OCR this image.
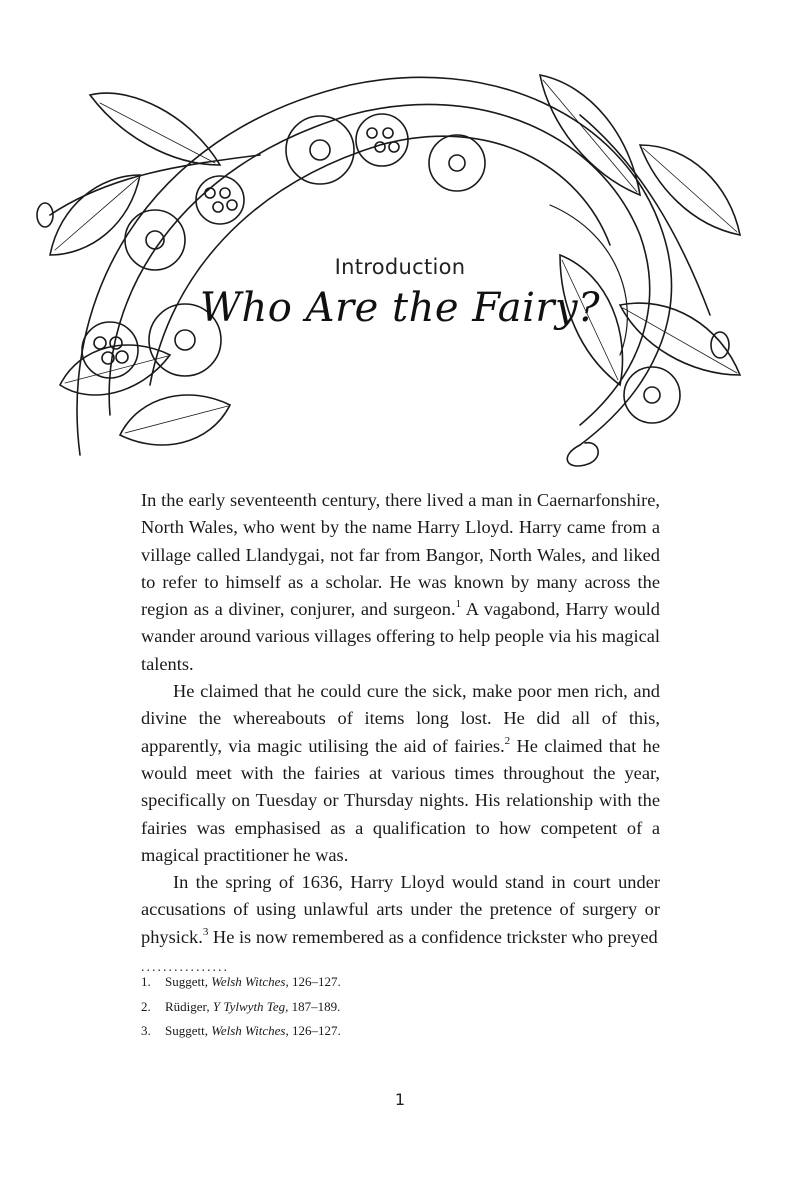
Introduction
Who Are the Fairy?

In the early seventeenth century, there lived a man in Caernarfonshire, North Wales, who went by the name Harry Lloyd. Harry came from a village called Llandygai, not far from Bangor, North Wales, and liked to refer to himself as a scholar. He was known by many across the region as a diviner, conjurer, and surgeon.$^1$ A vagabond, Harry would wander around various villages offering to help people via his magical talents.

He claimed that he could cure the sick, make poor men rich, and divine the whereabouts of items long lost. He did all of this, apparently, via magic utilising the aid of fairies.$^2$ He claimed that he would meet with the fairies at various times throughout the year, specifically on Tuesday or Thursday nights. His relationship with the fairies was emphasised as a qualification to how competent of a magical practitioner he was.

In the spring of 1636, Harry Lloyd would stand in court under accusations of using unlawful arts under the pretence of surgery or physick.$^3$ He is now remembered as a confidence trickster who preyed

................
1.	Suggett, Welsh Witches, 126–127.
2.	Rüdiger, Y Tylwyth Teg, 187–189.
3.	Suggett, Welsh Witches, 126–127.
1
